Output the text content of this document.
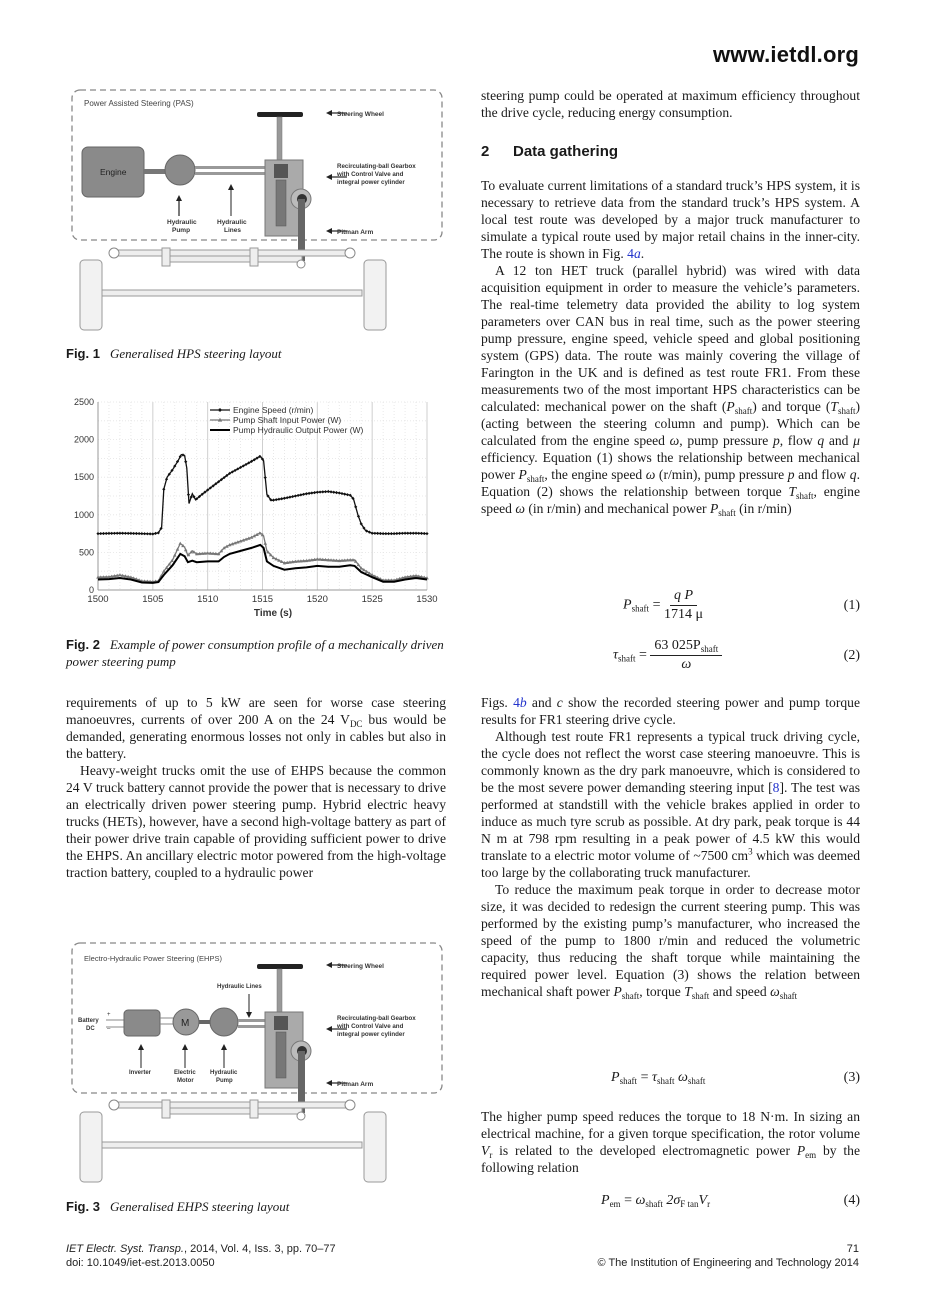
www.ietdl.org
Power Assisted Steering (PAS)
Engine
Hydraulic
Pump
Hydraulic
Lines
Steering Wheel
Recirculating-ball Gearbox
with Control Valve and
integral power cylinder
Pitman Arm
Fig. 1 Generalised HPS steering layout
0
500
1000
1500
2000
2500
1500	1505	1510	1515	1520	1525	1530
Engine Speed (r/min)
Pump Shaft Input Power (W)
Pump Hydraulic Output Power (W)
Time (s)
Fig. 2 Example of power consumption profile of a mechanically driven power steering pump

requirements of up to 5 kW are seen for worse case steering manoeuvres, currents of over 200 A on the 24 $V_{DC}$ bus would be demanded, generating enormous losses not only in cables but also in the battery.

Heavy-weight trucks omit the use of EHPS because the common 24 V truck battery cannot provide the power that is necessary to drive an electrically driven power steering pump. Hybrid electric heavy trucks (HETs), however, have a second high-voltage battery as part of their power drive train capable of providing sufficient power to drive the EHPS. An ancillary electric motor powered from the high-voltage traction battery, coupled to a hydraulic power

Electro-Hydraulic Power Steering (EHPS)
Battery
DC
+
–	M
Hydraulic Lines
Inverter	Electric
Motor
Hydraulic
Pump
Steering Wheel
Recirculating-ball Gearbox
with Control Valve and
integral power cylinder
Pitman Arm
Fig. 3 Generalised EHPS steering layout

steering pump could be operated at maximum efficiency throughout the drive cycle, reducing energy consumption.

2 Data gathering

To evaluate current limitations of a standard truck’s HPS system, it is necessary to retrieve data from the standard truck’s HPS system. A local test route was developed by a major truck manufacturer to simulate a typical route used by major retail chains in the inner-city. The route is shown in Fig. 4a.

A 12 ton HET truck (parallel hybrid) was wired with data acquisition equipment in order to measure the vehicle’s parameters. The real-time telemetry data provided the ability to log system parameters over CAN bus in real time, such as the power steering pump pressure, engine speed, vehicle speed and global positioning system (GPS) data. The route was mainly covering the village of Farington in the UK and is defined as test route FR1. From these measurements two of the most important HPS characteristics can be calculated: mechanical power on the shaft $(P_{shaft})$ and torque $(T_{shaft})$ (acting between the steering column and pump). Which can be calculated from the engine speed ω, pump pressure p, flow q and μ efficiency. Equation (1) shows the relationship between mechanical power $P_{shaft}$, the engine speed ω (r/min), pump pressure p and flow q. Equation (2) shows the relationship between torque $T_{shaft}$, engine speed ω (in r/min) and mechanical power $P_{shaft}$ (in r/min)

$P_{shaft} = \frac{\text{q P}}{1714 \mu}$	(1)
$\tau_{shaft} = \frac{63 025P_{shaft}}{\omega}$	(2)

Figs. 4b and c show the recorded steering power and pump torque results for FR1 steering drive cycle.

Although test route FR1 represents a typical truck driving cycle, the cycle does not reflect the worst case steering manoeuvre. This is commonly known as the dry park manoeuvre, which is considered to be the most severe power demanding steering input [8]. The test was performed at standstill with the vehicle brakes applied in order to induce as much tyre scrub as possible. At dry park, peak torque is 44 N m at 798 rpm resulting in a peak power of 4.5 kW this would translate to a electric motor volume of ~7500 $cm^3$ which was deemed too large by the collaborating truck manufacturer.

To reduce the maximum peak torque in order to decrease motor size, it was decided to redesign the current steering pump. This was performed by the existing pump’s manufacturer, who increased the speed of the pump to 1800 r/min and reduced the volumetric capacity, thus reducing the shaft torque while maintaining the required power level. Equation (3) shows the relation between mechanical shaft power $P_{shaft}$, torque $T_{shaft}$ and speed $\omega_{shaft}$

$P_{shaft} = \tau_{shaft}$ $\omega_{shaft}$	(3)

The higher pump speed reduces the torque to 18 N·m. In sizing an electrical machine, for a given torque specification, the rotor volume $V_r$ is related to the developed electromagnetic power $P_{em}$ by the following relation

$P_{em} = \omega_{shaft}$ $2\sigma_{F tan}V_r$	(4)
IET Electr. Syst. Transp., 2014, Vol. 4, Iss. 3, pp. 70–77
doi: 10.1049/iet-est.2013.0050
71
© The Institution of Engineering and Technology 2014
